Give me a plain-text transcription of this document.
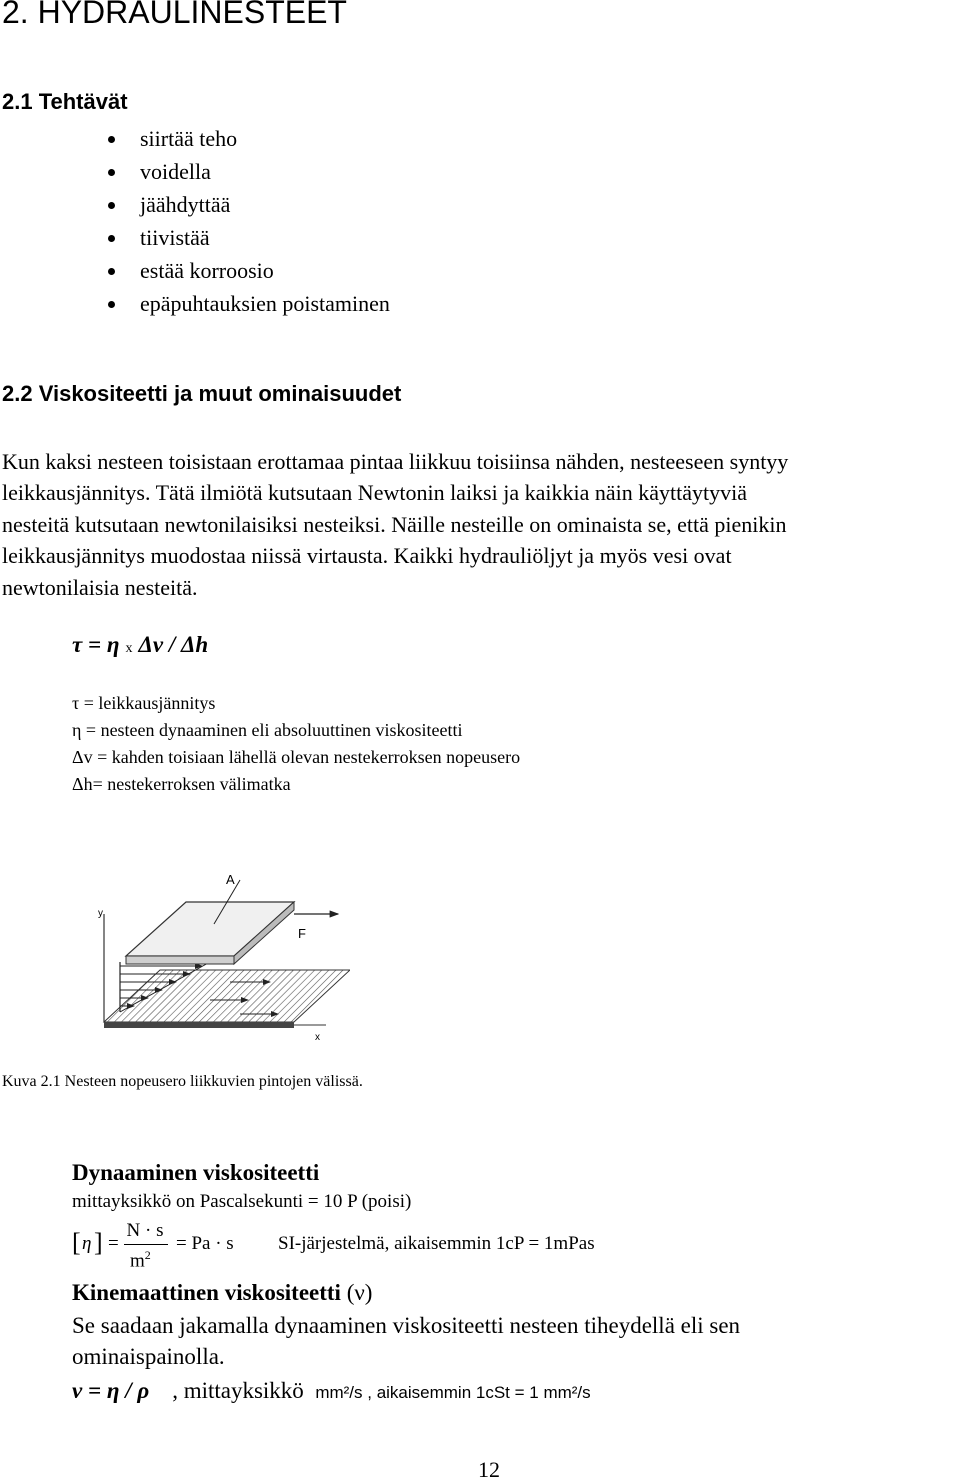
2. HYDRAULINESTEET
2.1 Tehtävät
siirtää teho
voidella
jäähdyttää
tiivistää
estää korroosio
epäpuhtauksien poistaminen
2.2 Viskositeetti ja muut ominaisuudet
Kun kaksi nesteen toisistaan erottamaa pintaa liikkuu toisiinsa nähden, nesteeseen syntyy
leikkausjännitys. Tätä ilmiötä kutsutaan Newtonin laiksi ja kaikkia näin käyttäytyviä
nesteitä kutsutaan newtonilaisiksi nesteiksi. Näille nesteille on ominaista se, että pienikin
leikkausjännitys muodostaa niissä virtausta. Kaikki hydrauliöljyt ja myös vesi ovat
newtonilaisia nesteitä.
τ = η x Δv / Δh
τ = leikkausjännitys
η = nesteen dynaaminen eli absoluuttinen viskositeetti
Δv = kahden toisiaan lähellä olevan nestekerroksen nopeusero
Δh= nestekerroksen välimatka
y
x
A
F
Kuva 2.1 Nesteen nopeusero liikkuvien pintojen välissä.
Dynaaminen viskositeetti
mittayksikkö on Pascalsekunti = 10 P (poisi)
[ η ] =
N · s
$m^2$
= Pa · s SI-järjestelmä, aikaisemmin 1cP = 1mPas
Kinemaattinen viskositeetti (ν)
Se saadaan jakamalla dynaaminen viskositeetti nesteen tiheydellä eli sen
ominaispainolla.
ν = η / ρ , mittayksikkö mm²/s , aikaisemmin 1cSt = 1 mm²/s
12
